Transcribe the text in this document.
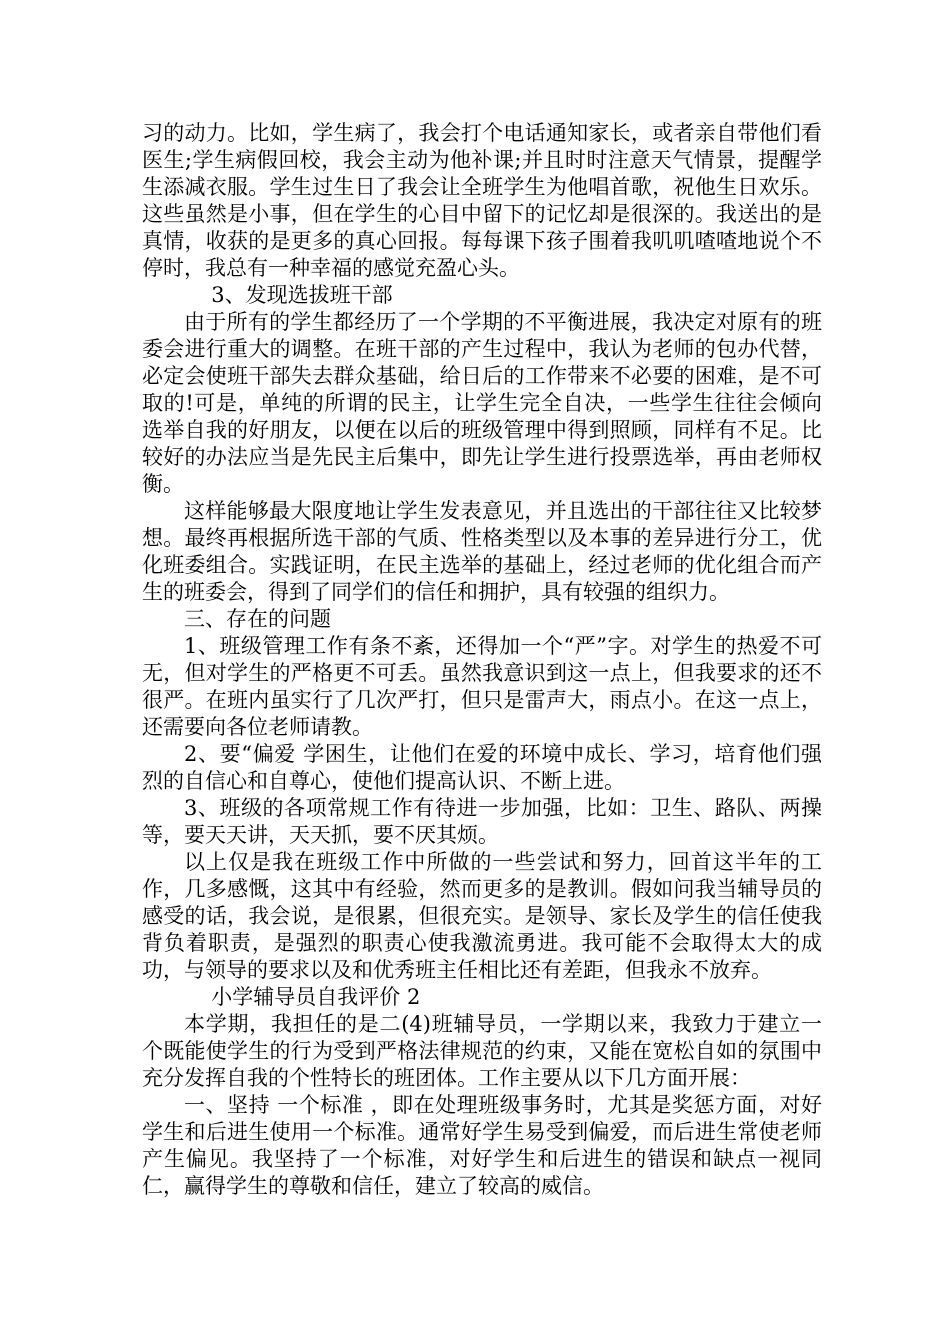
习的动力。比如，学生病了，我会打个电话通知家长，或者亲自带他们看医生;学生病假回校，我会主动为他补课;并且时时注意天气情景，提醒学生添减衣服。学生过生日了我会让全班学生为他唱首歌，祝他生日欢乐。这些虽然是小事，但在学生的心目中留下的记忆却是很深的。我送出的是真情，收获的是更多的真心回报。每每课下孩子围着我叽叽喳喳地说个不停时，我总有一种幸福的感觉充盈心头。

3、发现选拔班干部

由于所有的学生都经历了一个学期的不平衡进展，我决定对原有的班委会进行重大的调整。在班干部的产生过程中，我认为老师的包办代替，必定会使班干部失去群众基础，给日后的工作带来不必要的困难，是不可取的!可是，单纯的所谓的民主，让学生完全自决，一些学生往往会倾向选举自我的好朋友，以便在以后的班级管理中得到照顾，同样有不足。比较好的办法应当是先民主后集中，即先让学生进行投票选举，再由老师权衡。

这样能够最大限度地让学生发表意见，并且选出的干部往往又比较梦想。最终再根据所选干部的气质、性格类型以及本事的差异进行分工，优化班委组合。实践证明，在民主选举的基础上，经过老师的优化组合而产生的班委会，得到了同学们的信任和拥护，具有较强的组织力。

三、存在的问题

1、班级管理工作有条不紊，还得加一个“严”字。对学生的热爱不可无，但对学生的严格更不可丢。虽然我意识到这一点上，但我要求的还不很严。在班内虽实行了几次严打，但只是雷声大，雨点小。在这一点上，还需要向各位老师请教。

2、要“偏爱 学困生，让他们在爱的环境中成长、学习，培育他们强烈的自信心和自尊心，使他们提高认识、不断上进。

3、班级的各项常规工作有待进一步加强，比如：卫生、路队、两操等，要天天讲，天天抓，要不厌其烦。

以上仅是我在班级工作中所做的一些尝试和努力，回首这半年的工作，几多感慨，这其中有经验，然而更多的是教训。假如问我当辅导员的感受的话，我会说，是很累，但很充实。是领导、家长及学生的信任使我背负着职责，是强烈的职责心使我激流勇进。我可能不会取得太大的成功，与领导的要求以及和优秀班主任相比还有差距，但我永不放弃。

小学辅导员自我评价 2

本学期，我担任的是二(4)班辅导员，一学期以来，我致力于建立一个既能使学生的行为受到严格法律规范的约束，又能在宽松自如的氛围中充分发挥自我的个性特长的班团体。工作主要从以下几方面开展：

一、坚持 一个标准 ，即在处理班级事务时，尤其是奖惩方面，对好学生和后进生使用一个标准。通常好学生易受到偏爱，而后进生常使老师产生偏见。我坚持了一个标准，对好学生和后进生的错误和缺点一视同仁，赢得学生的尊敬和信任，建立了较高的威信。
